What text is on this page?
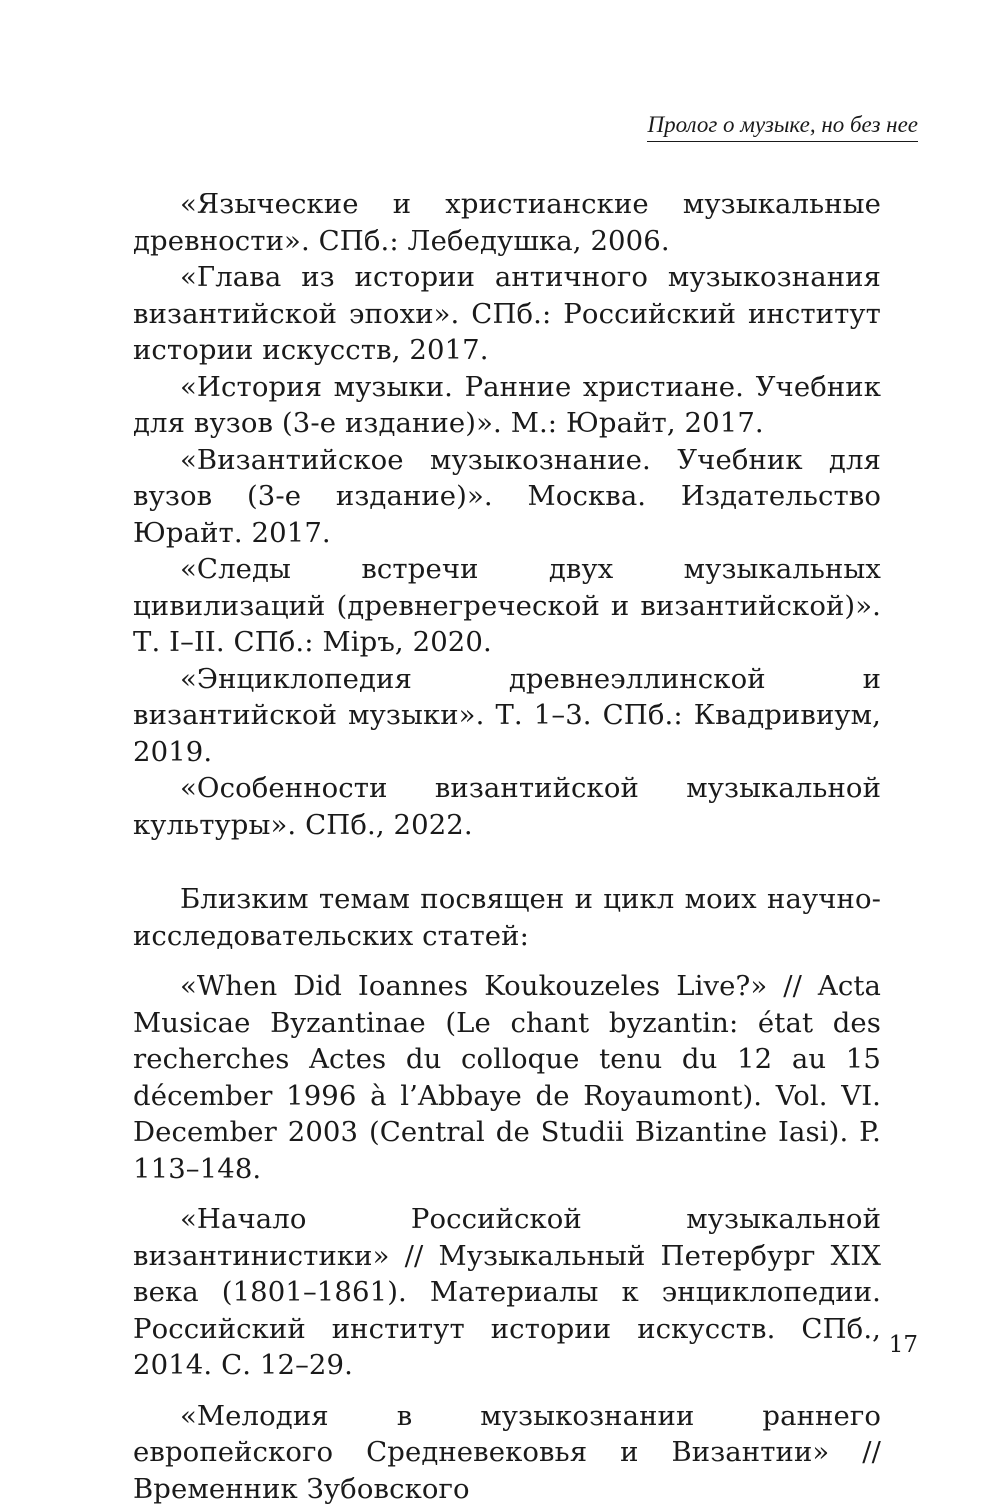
Пролог о музыке, но без нее

«Языческие и христианские музыкальные древности». СПб.: Лебедушка, 2006.

«Глава из истории античного музыкознания византийской эпохи». СПб.: Российский институт истории искусств, 2017.

«История музыки. Ранние христиане. Учебник для вузов (3-е издание)». М.: Юрайт, 2017.

«Византийское музыкознание. Учебник для вузов (3-е издание)». Москва. Издательство Юрайт. 2017.

«Следы встречи двух музыкальных цивилизаций (древнегреческой и византийской)». Т. I–II. СПб.: Міръ, 2020.

«Энциклопедия древнеэллинской и византийской музыки». Т. 1–3. СПб.: Квадривиум, 2019.

«Особенности византийской музыкальной культуры». СПб., 2022.

Близким темам посвящен и цикл моих научно-исследовательских статей:

«When Did Ioannes Koukouzeles Live?» // Acta Musicae Byzantinae (Le chant byzantin: état des recherches Actes du colloque tenu du 12 au 15 décember 1996 à l’Abbaye de Royaumont). Vol. VI. December 2003 (Central de Studii Bizantine Iasi). P. 113–148.

«Начало Российской музыкальной византинистики» // Музыкальный Петербург XIX века (1801–1861). Материалы к энциклопедии. Российский институт истории искусств. СПб., 2014. С. 12–29.

«Мелодия в музыкознании раннего европейского Средневековья и Византии» // Временник Зубовского

17
